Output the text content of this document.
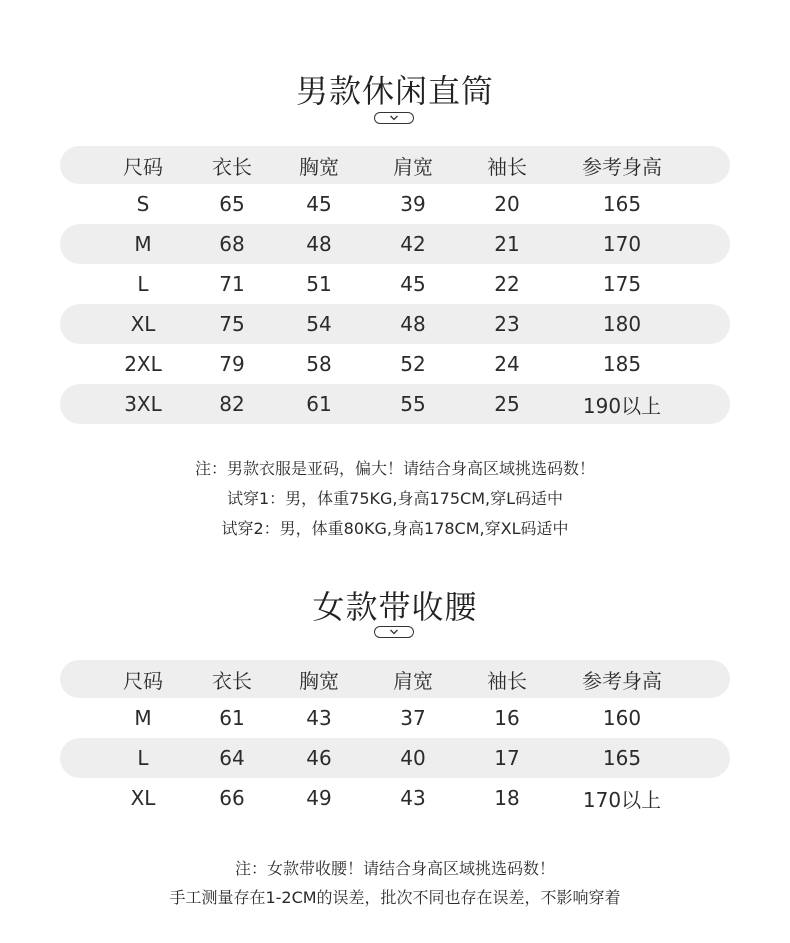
男款休闲直筒
尺码 衣长 胸宽	肩宽	袖长	参考身高
S	65	45	39	20	165
M	68	48	42	21	170
L	71	51	45	22	175
XL	75	54	48	23	180
2XL	79	58	52	24	185
3XL	82	61	55	25	190以上

注：男款衣服是亚码，偏大！请结合身高区域挑选码数！

试穿1：男，体重75KG,身高175CM,穿L码适中

试穿2：男，体重80KG,身高178CM,穿XL码适中

女款带收腰
尺码 衣长 胸宽	肩宽	袖长	参考身高
M	61	43	37	16	160
L	64	46	40	17	165
XL	66	49	43	18	170以上

注：女款带收腰！请结合身高区域挑选码数！

手工测量存在1-2CM的误差，批次不同也存在误差，不影响穿着
